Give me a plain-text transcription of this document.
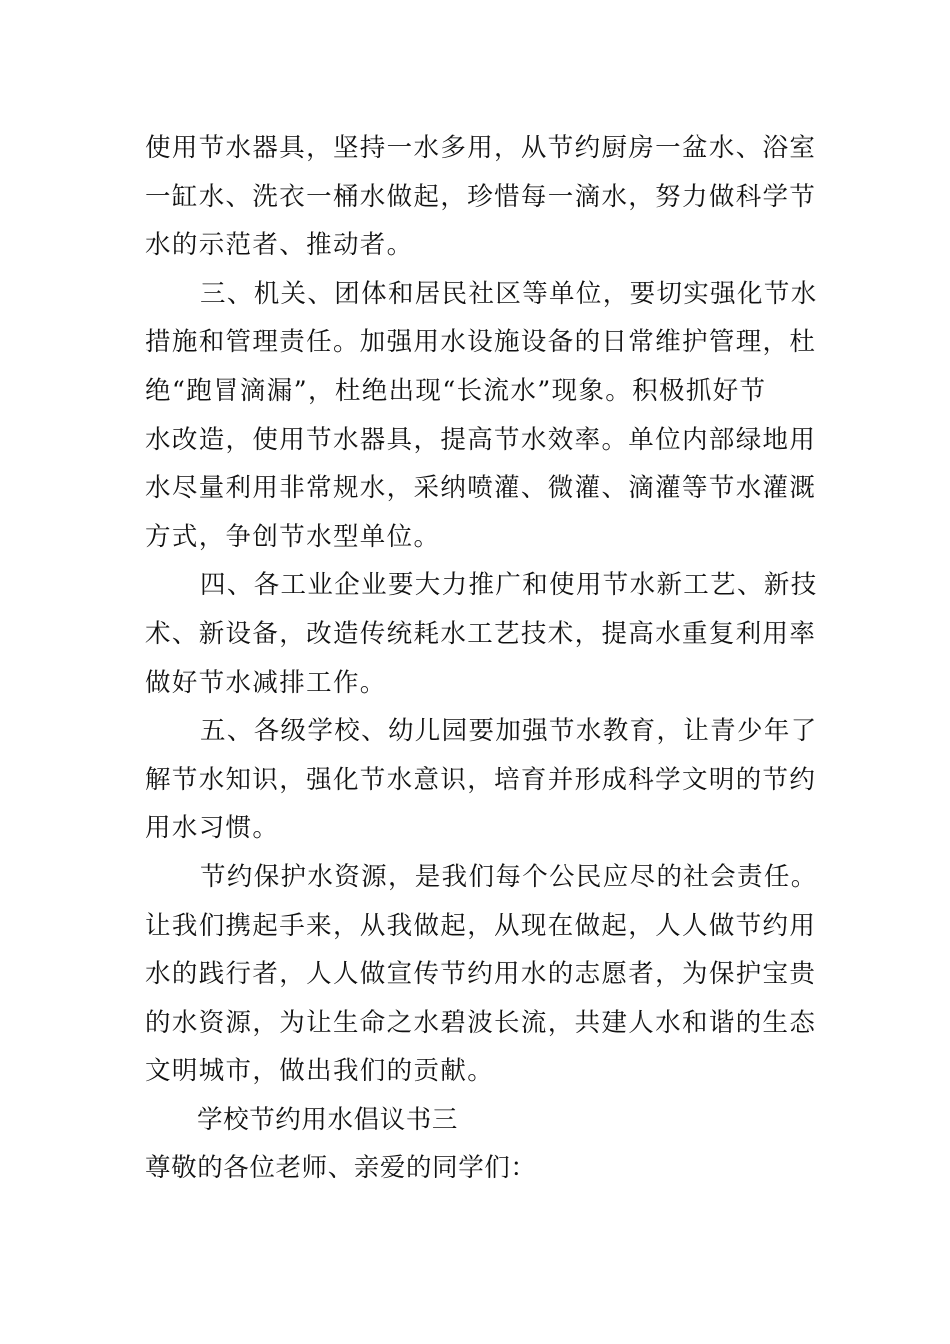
使用节水器具，坚持一水多用，从节约厨房一盆水、浴室
一缸水、洗衣一桶水做起，珍惜每一滴水，努力做科学节
水的示范者、推动者。
三、机关、团体和居民社区等单位，要切实强化节水
措施和管理责任。加强用水设施设备的日常维护管理，杜
绝“跑冒滴漏”，杜绝出现“长流水”现象。积极抓好节
水改造，使用节水器具，提高节水效率。单位内部绿地用
水尽量利用非常规水，采纳喷灌、微灌、滴灌等节水灌溉
方式，争创节水型单位。
四、各工业企业要大力推广和使用节水新工艺、新技
术、新设备，改造传统耗水工艺技术，提高水重复利用率
做好节水减排工作。
五、各级学校、幼儿园要加强节水教育，让青少年了
解节水知识，强化节水意识，培育并形成科学文明的节约
用水习惯。
节约保护水资源，是我们每个公民应尽的社会责任。
让我们携起手来，从我做起，从现在做起，人人做节约用
水的践行者，人人做宣传节约用水的志愿者，为保护宝贵
的水资源，为让生命之水碧波长流，共建人水和谐的生态
文明城市，做出我们的贡献。
学校节约用水倡议书三
尊敬的各位老师、亲爱的同学们：
